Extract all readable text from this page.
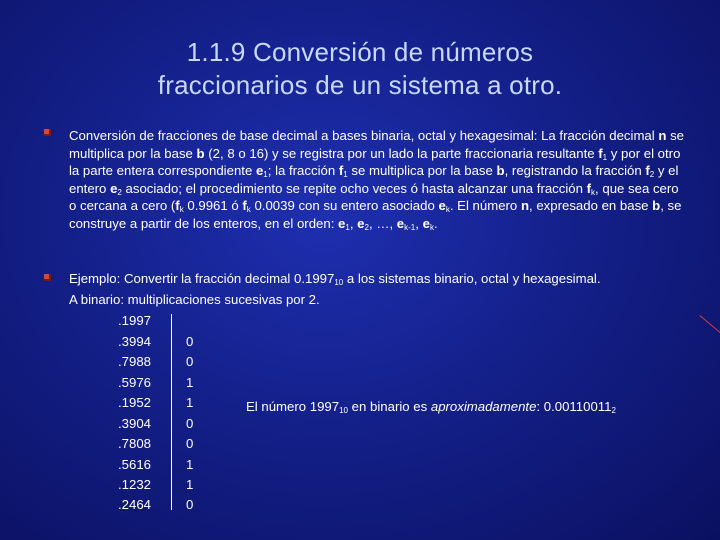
1.1.9 Conversión de números
fraccionarios de un sistema a otro.
Conversión de fracciones de base decimal a bases binaria, octal y hexagesimal: La fracción decimal n se multiplica por la base b (2, 8 o 16) y se registra por un lado la parte fraccionaria resultante $f_1$ y por el otro la parte entera correspondiente $e_1$; la fracción $f_1$ se multiplica por la base b, registrando la fracción $f_2$ y el entero $e_2$ asociado; el procedimiento se repite ocho veces ó hasta alcanzar una fracción $f_k$, que sea cero o cercana a cero ($f_k$ 0.9961 ó $f_k$ 0.0039 con su entero asociado $e_k$. El número n, expresado en base b, se construye a partir de los enteros, en el orden: $e_1$, $e_2$, …, $e_{k-1}$, $e_k$.
Ejemplo: Convertir la fracción decimal $0.1997_{10}$ a los sistemas binario, octal y hexagesimal.
A binario: multiplicaciones sucesivas por 2.
.1997
.3994
.7988
.5976
.1952
.3904
.7808
.5616
.1232
.2464
0
0
1
1
0
0
1
1
0
El número $1997_{10}$ en binario es aproximadamente: $0.00110011_2$
